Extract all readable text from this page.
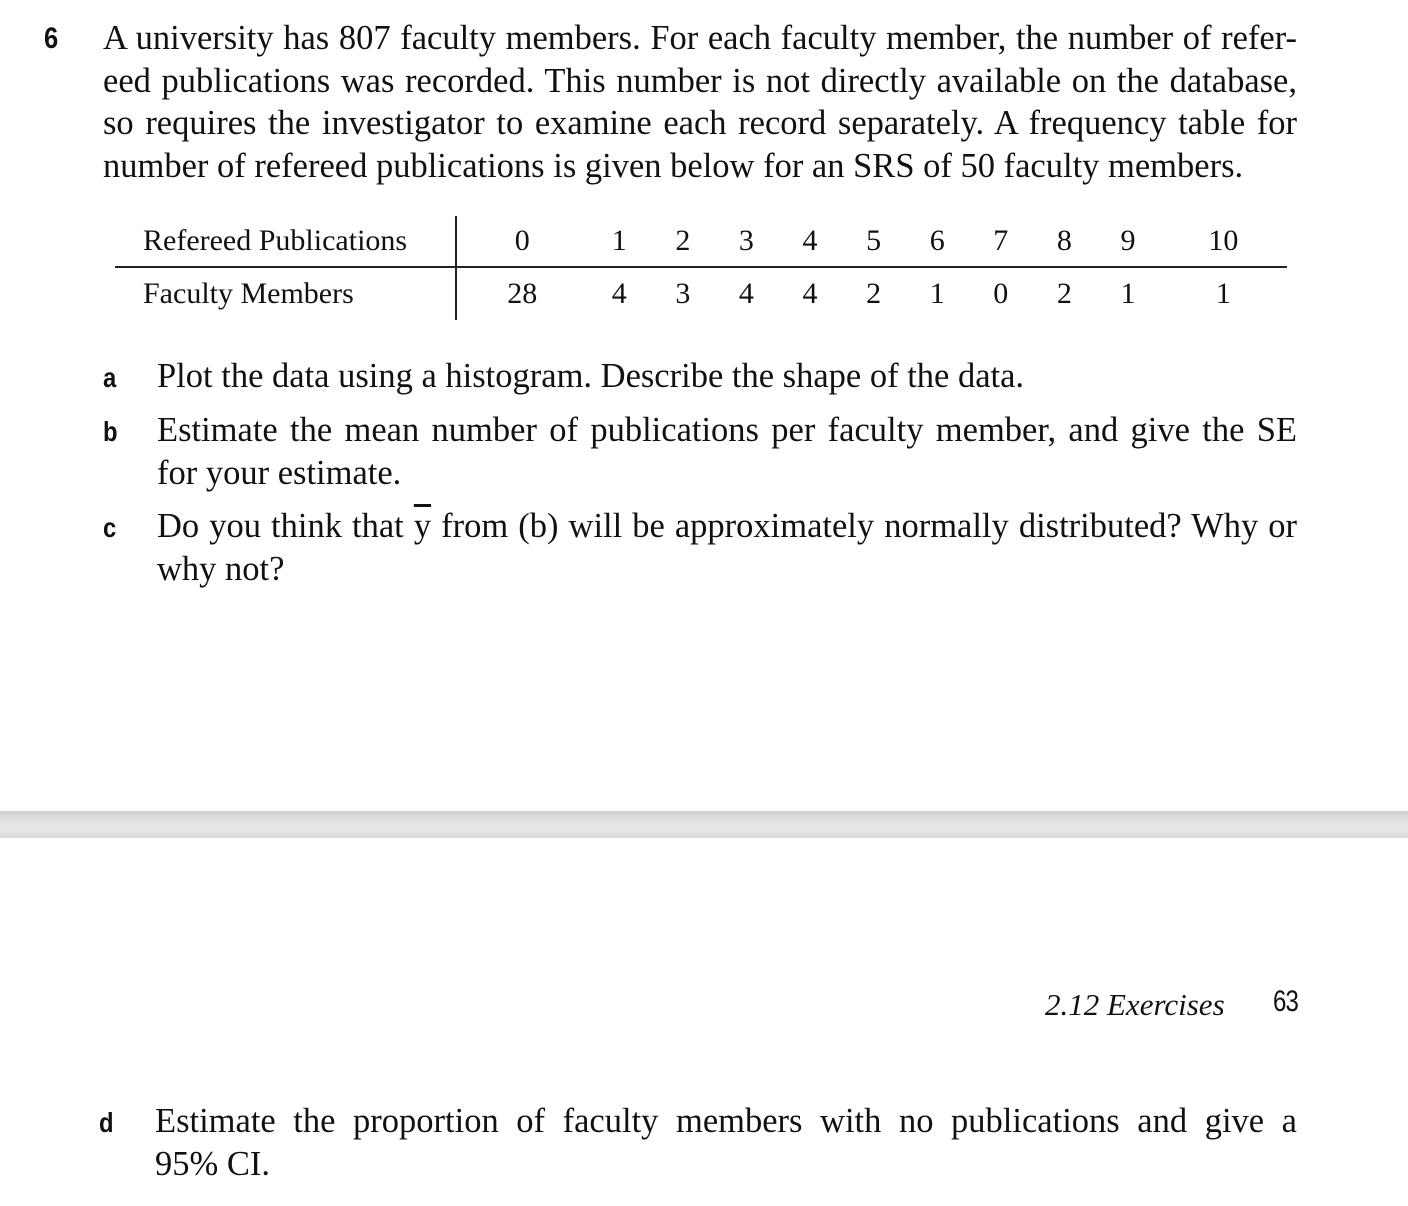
6 A university has 807 faculty members. For each faculty member, the number of refer-
eed publications was recorded. This number is not directly available on the database,
so requires the investigator to examine each record separately. A frequency table for
number of refereed publications is given below for an SRS of 50 faculty members.
Refereed Publications	0	1	2	3	4	5	6	7	8	9	10
Faculty Members	28	4	3	4	4	2	1	0	2	1	1
a Plot the data using a histogram. Describe the shape of the data.
b Estimate the mean number of publications per faculty member, and give the SE
for your estimate.
c Do you think that $\overline{y}$ from (b) will be approximately normally distributed? Why or
why not?
2.12 Exercises 63
d Estimate the proportion of faculty members with no publications and give a
95% CI.
